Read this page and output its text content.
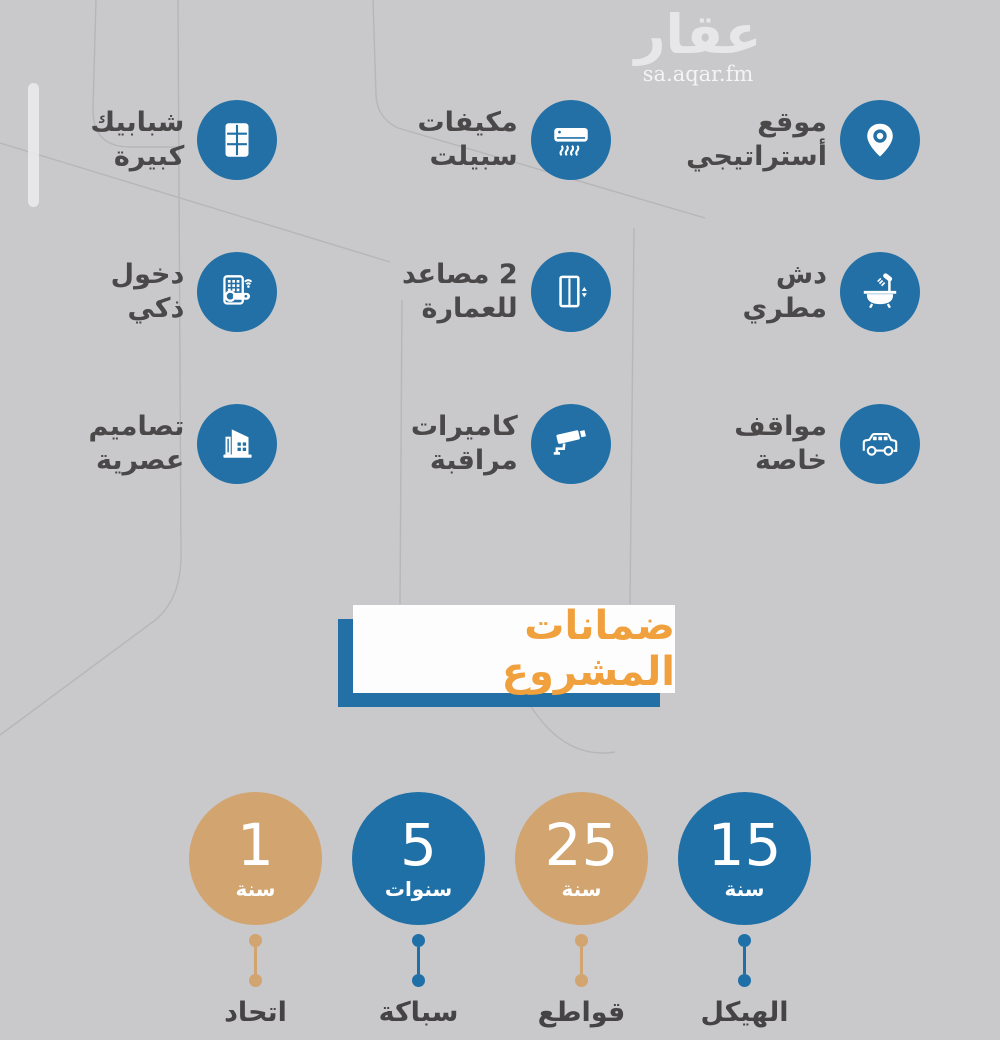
عقار
sa.aqar.fm
موقع
أستراتيجي
مكيفات
سبيلت
شبابيك
كبيرة
دش
مطري
2 مصاعد
للعمارة
دخول
ذكي
مواقف
خاصة
كاميرات
مراقبة
تصاميم
عصرية
ضمانات المشروع
15
سنة
الهيكل
25
سنة
قواطع
5
سنوات
سباكة
1
سنة
اتحاد
